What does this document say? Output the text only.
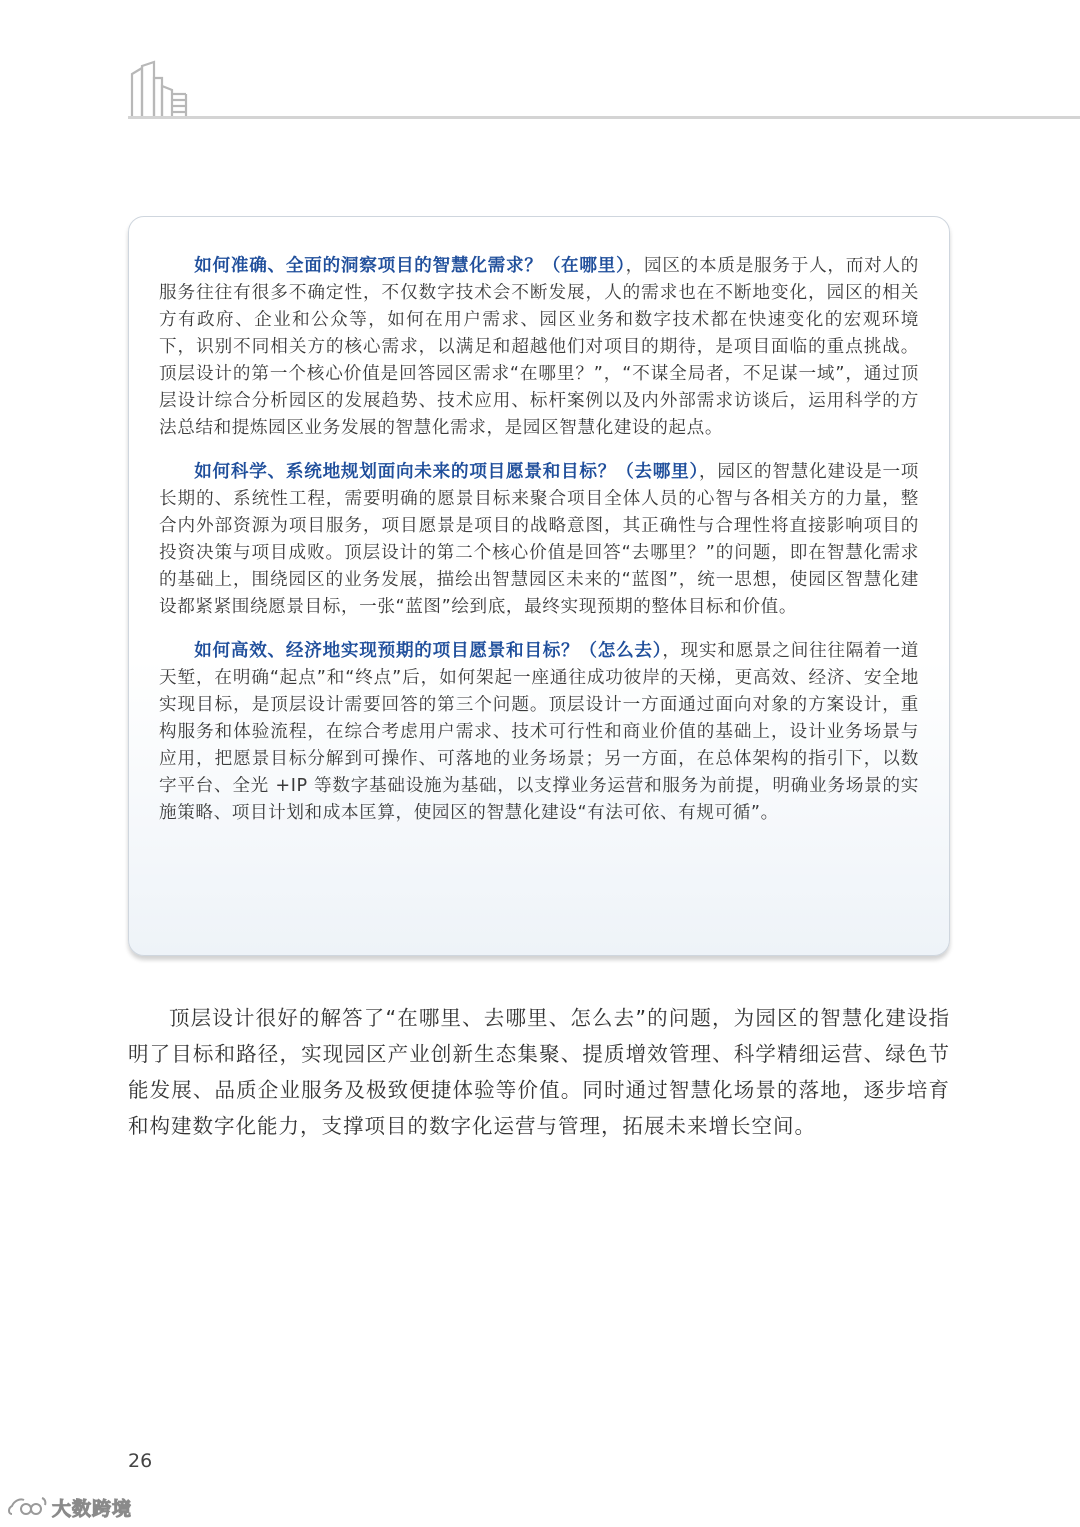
如何准确、全面的洞察项目的智慧化需求？（在哪里），园区的本质是服务于人，而对人的服务往往有很多不确定性，不仅数字技术会不断发展，人的需求也在不断地变化，园区的相关方有政府、企业和公众等，如何在用户需求、园区业务和数字技术都在快速变化的宏观环境下，识别不同相关方的核心需求，以满足和超越他们对项目的期待，是项目面临的重点挑战。顶层设计的第一个核心价值是回答园区需求“在哪里？”，“不谋全局者，不足谋一域”，通过顶层设计综合分析园区的发展趋势、技术应用、标杆案例以及内外部需求访谈后，运用科学的方法总结和提炼园区业务发展的智慧化需求，是园区智慧化建设的起点。

如何科学、系统地规划面向未来的项目愿景和目标？（去哪里），园区的智慧化建设是一项长期的、系统性工程，需要明确的愿景目标来聚合项目全体人员的心智与各相关方的力量，整合内外部资源为项目服务，项目愿景是项目的战略意图，其正确性与合理性将直接影响项目的投资决策与项目成败。顶层设计的第二个核心价值是回答“去哪里？”的问题，即在智慧化需求的基础上，围绕园区的业务发展，描绘出智慧园区未来的“蓝图”，统一思想，使园区智慧化建设都紧紧围绕愿景目标，一张“蓝图”绘到底，最终实现预期的整体目标和价值。

如何高效、经济地实现预期的项目愿景和目标？（怎么去），现实和愿景之间往往隔着一道天堑，在明确“起点”和“终点”后，如何架起一座通往成功彼岸的天梯，更高效、经济、安全地实现目标，是顶层设计需要回答的第三个问题。顶层设计一方面通过面向对象的方案设计，重构服务和体验流程，在综合考虑用户需求、技术可行性和商业价值的基础上，设计业务场景与应用，把愿景目标分解到可操作、可落地的业务场景；另一方面，在总体架构的指引下，以数字平台、全光 +IP 等数字基础设施为基础，以支撑业务运营和服务为前提，明确业务场景的实施策略、项目计划和成本匡算，使园区的智慧化建设“有法可依、有规可循”。

顶层设计很好的解答了“在哪里、去哪里、怎么去”的问题，为园区的智慧化建设指明了目标和路径，实现园区产业创新生态集聚、提质增效管理、科学精细运营、绿色节能发展、品质企业服务及极致便捷体验等价值。同时通过智慧化场景的落地，逐步培育和构建数字化能力，支撑项目的数字化运营与管理，拓展未来增长空间。

26
大数跨境
